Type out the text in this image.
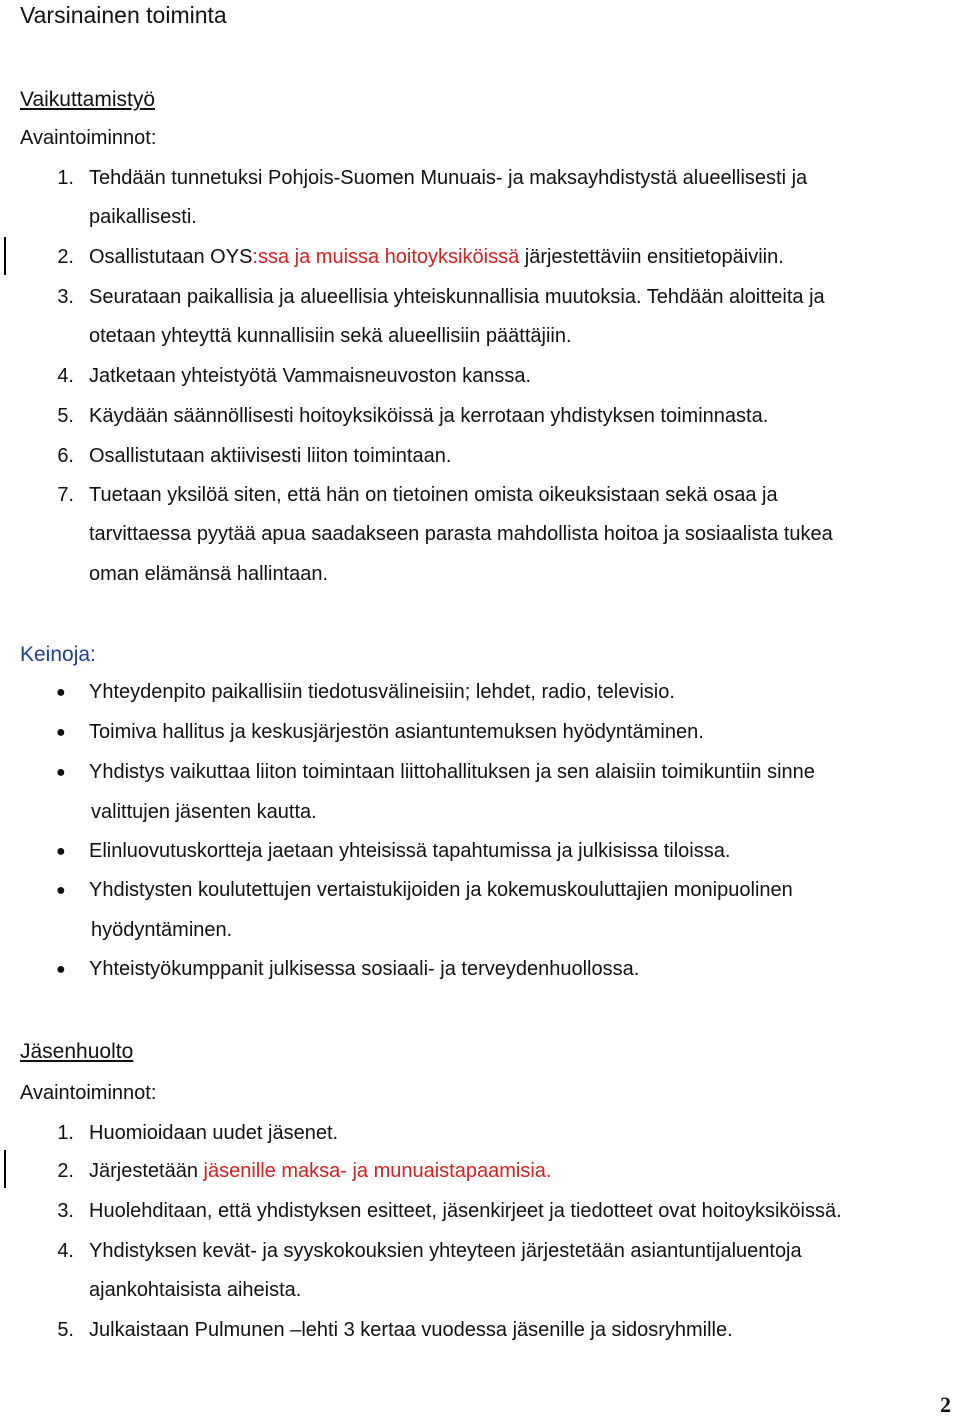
Varsinainen toiminta
Vaikuttamistyö
Avaintoiminnot:
1. Tehdään tunnetuksi Pohjois-Suomen Munuais- ja maksayhdistystä alueellisesti ja
paikallisesti.
2. Osallistutaan OYS:ssa ja muissa hoitoyksiköissä järjestettäviin ensitietopäiviin.
3. Seurataan paikallisia ja alueellisia yhteiskunnallisia muutoksia. Tehdään aloitteita ja
otetaan yhteyttä kunnallisiin sekä alueellisiin päättäjiin.
4. Jatketaan yhteistyötä Vammaisneuvoston kanssa.
5. Käydään säännöllisesti hoitoyksiköissä ja kerrotaan yhdistyksen toiminnasta.
6. Osallistutaan aktiivisesti liiton toimintaan.
7. Tuetaan yksilöä siten, että hän on tietoinen omista oikeuksistaan sekä osaa ja
tarvittaessa pyytää apua saadakseen parasta mahdollista hoitoa ja sosiaalista tukea
oman elämänsä hallintaan.
Keinoja:
● Yhteydenpito paikallisiin tiedotusvälineisiin; lehdet, radio, televisio.
● Toimiva hallitus ja keskusjärjestön asiantuntemuksen hyödyntäminen.
● Yhdistys vaikuttaa liiton toimintaan liittohallituksen ja sen alaisiin toimikuntiin sinne
valittujen jäsenten kautta.
● Elinluovutuskortteja jaetaan yhteisissä tapahtumissa ja julkisissa tiloissa.
● Yhdistysten koulutettujen vertaistukijoiden ja kokemuskouluttajien monipuolinen
hyödyntäminen.
● Yhteistyökumppanit julkisessa sosiaali- ja terveydenhuollossa.
Jäsenhuolto
Avaintoiminnot:
1. Huomioidaan uudet jäsenet.
2. Järjestetään jäsenille maksa- ja munuaistapaamisia.
3. Huolehditaan, että yhdistyksen esitteet, jäsenkirjeet ja tiedotteet ovat hoitoyksiköissä.
4. Yhdistyksen kevät- ja syyskokouksien yhteyteen järjestetään asiantuntijaluentoja
ajankohtaisista aiheista.
5. Julkaistaan Pulmunen –lehti 3 kertaa vuodessa jäsenille ja sidosryhmille.
2
